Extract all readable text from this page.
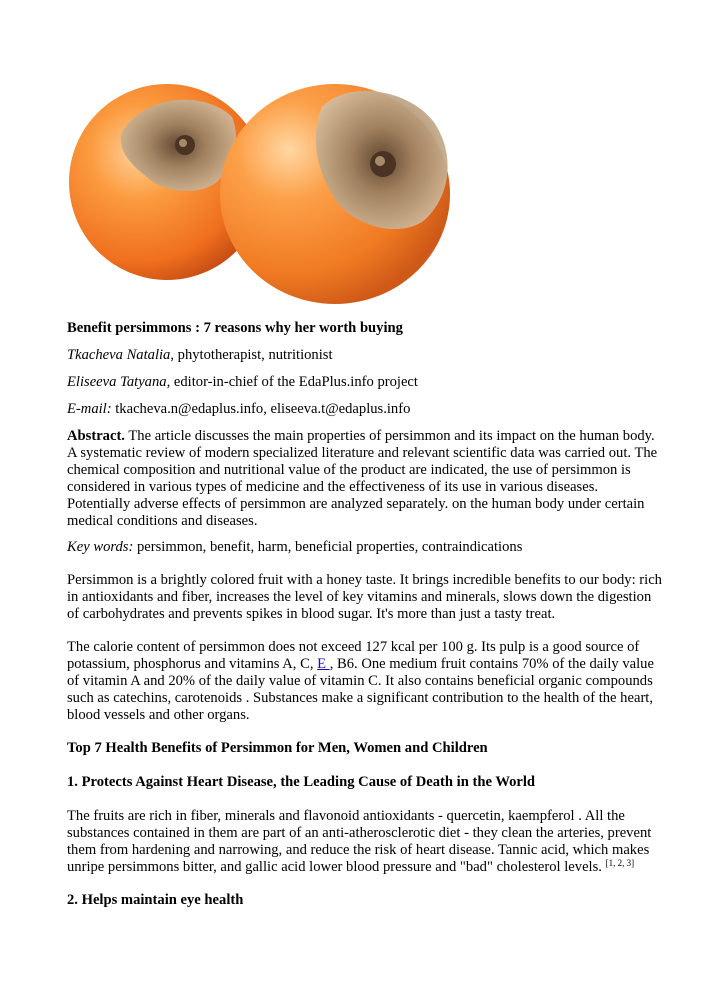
Benefit persimmons : 7 reasons why her worth buying

Tkacheva Natalia, phytotherapist, nutritionist

Eliseeva Tatyana, editor-in-chief of the EdaPlus.info project

E-mail: tkacheva.n@edaplus.info, eliseeva.t@edaplus.info

Abstract. The article discusses the main properties of persimmon and its impact on the human body. A systematic review of modern specialized literature and relevant scientific data was carried out. The chemical composition and nutritional value of the product are indicated, the use of persimmon is considered in various types of medicine and the effectiveness of its use in various diseases. Potentially adverse effects of persimmon are analyzed separately. on the human body under certain medical conditions and diseases.

Key words: persimmon, benefit, harm, beneficial properties, contraindications

Persimmon is a brightly colored fruit with a honey taste. It brings incredible benefits to our body: rich in antioxidants and fiber, increases the level of key vitamins and minerals, slows down the digestion of carbohydrates and prevents spikes in blood sugar. It's more than just a tasty treat.

The calorie content of persimmon does not exceed 127 kcal per 100 g. Its pulp is a good source of potassium, phosphorus and vitamins A, C, E , B6. One medium fruit contains 70% of the daily value of vitamin A and 20% of the daily value of vitamin C. It also contains beneficial organic compounds such as catechins, carotenoids . Substances make a significant contribution to the health of the heart, blood vessels and other organs.

Top 7 Health Benefits of Persimmon for Men, Women and Children

1. Protects Against Heart Disease, the Leading Cause of Death in the World

The fruits are rich in fiber, minerals and flavonoid antioxidants - quercetin, kaempferol . All the substances contained in them are part of an anti-atherosclerotic diet - they clean the arteries, prevent them from hardening and narrowing, and reduce the risk of heart disease. Tannic acid, which makes unripe persimmons bitter, and gallic acid lower blood pressure and "bad" cholesterol levels. [1, 2, 3]

2. Helps maintain eye health
